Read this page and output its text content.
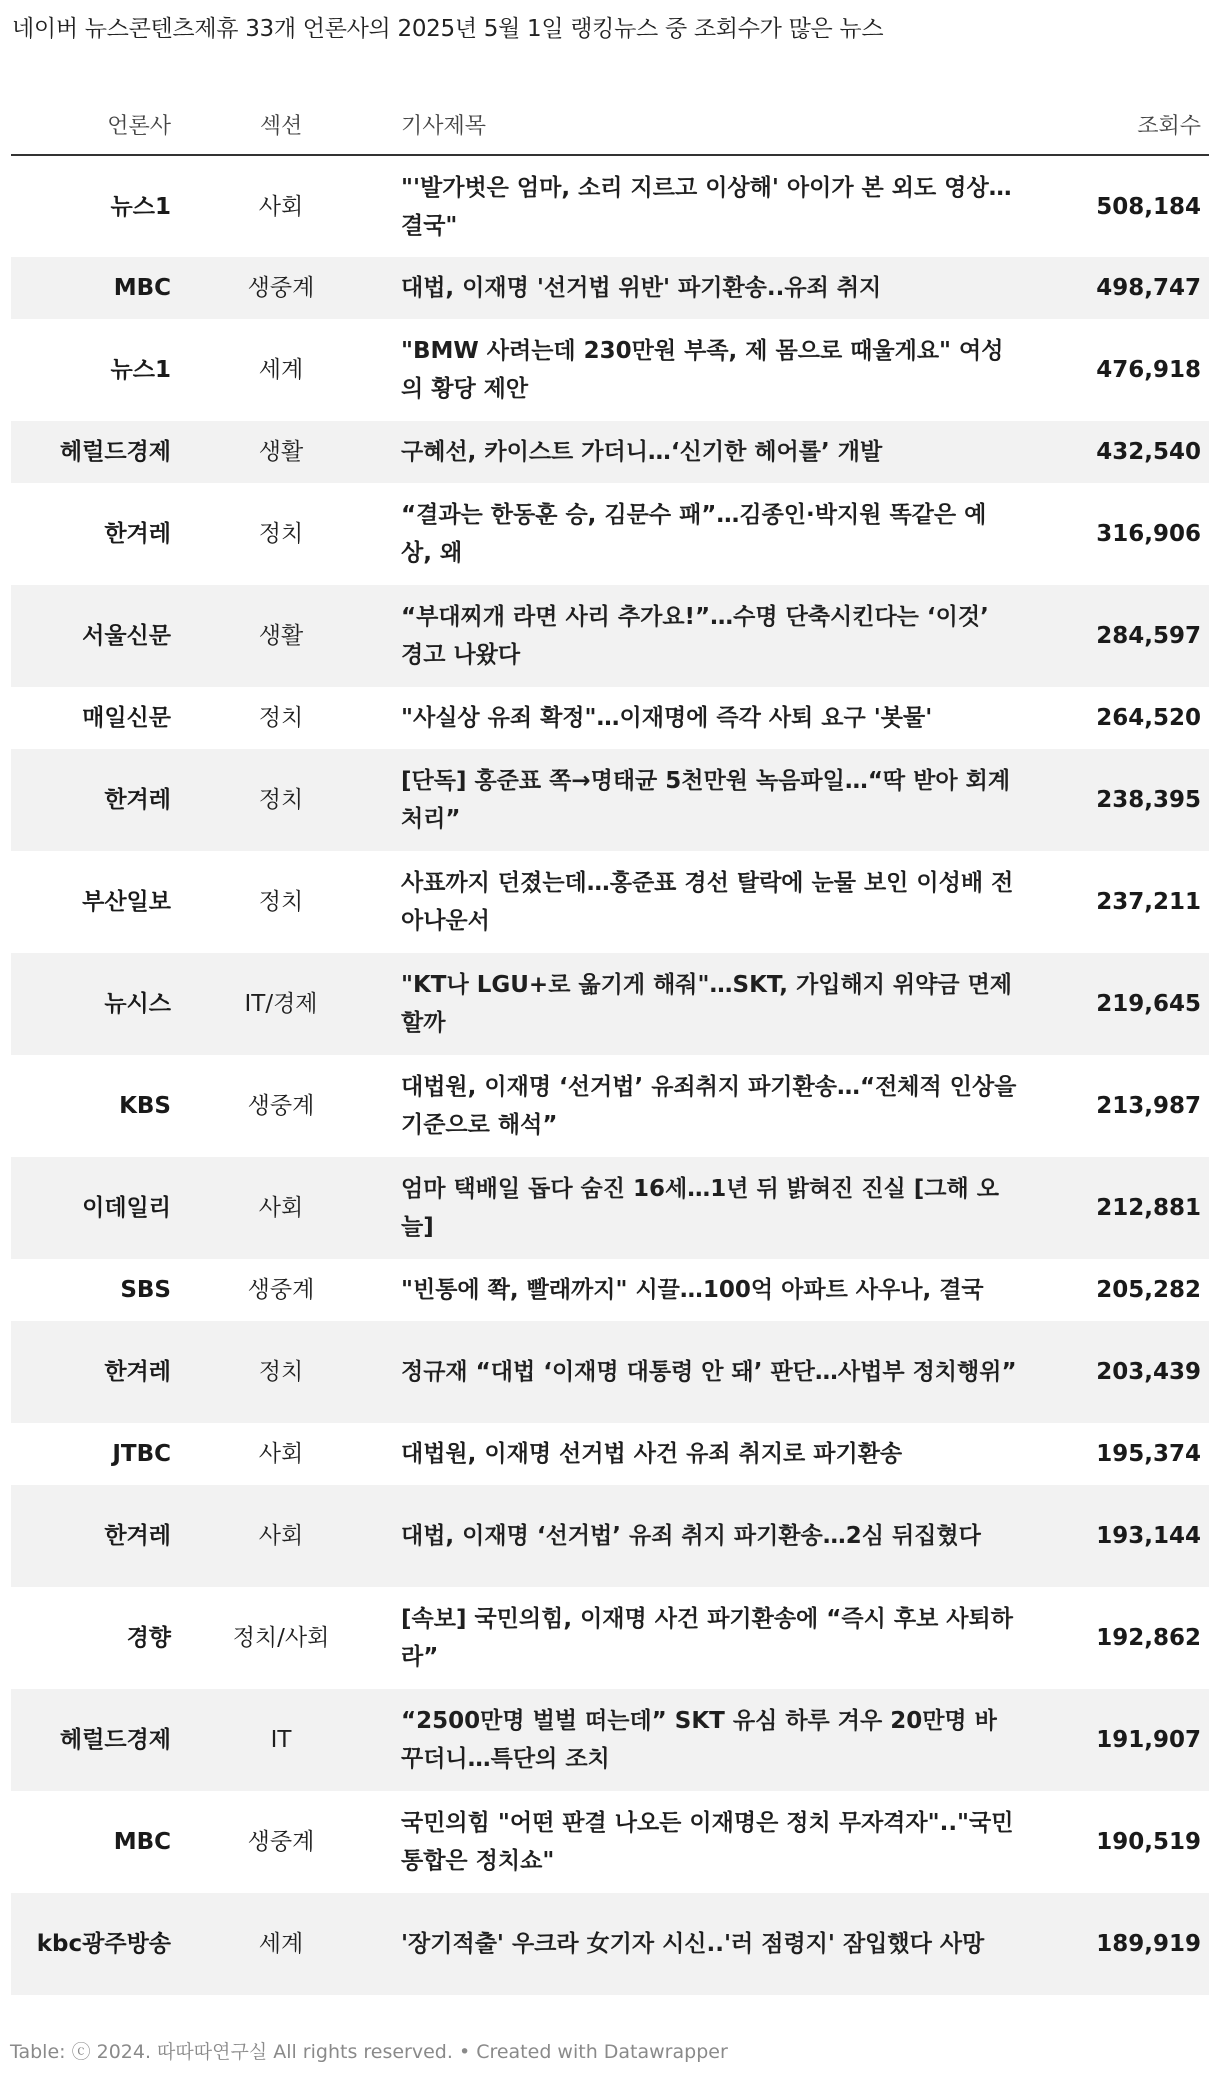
네이버 뉴스콘텐츠제휴 33개 언론사의 2025년 5월 1일 랭킹뉴스 중 조회수가 많은 뉴스
언론사	섹션	기사제목	조회수
뉴스1	사회	"'발가벗은 엄마, 소리 지르고 이상해' 아이가 본 외도 영상…결국"	508,184
MBC	생중계	대법, 이재명 '선거법 위반' 파기환송..유죄 취지	498,747
뉴스1	세계	"BMW 사려는데 230만원 부족, 제 몸으로 때울게요" 여성의 황당 제안	476,918
헤럴드경제	생활	구혜선, 카이스트 가더니…‘신기한 헤어롤’ 개발	432,540
한겨레	정치	“결과는 한동훈 승, 김문수 패”…김종인·박지원 똑같은 예상, 왜	316,906
서울신문	생활	“부대찌개 라면 사리 추가요!”…수명 단축시킨다는 ‘이것’ 경고 나왔다	284,597
매일신문	정치	"사실상 유죄 확정"…이재명에 즉각 사퇴 요구 '봇물'	264,520
한겨레	정치	[단독] 홍준표 쪽→명태균 5천만원 녹음파일…“딱 받아 회계처리”	238,395
부산일보	정치	사표까지 던졌는데…홍준표 경선 탈락에 눈물 보인 이성배 전 아나운서	237,211
뉴시스	IT/경제	"KT나 LGU+로 옮기게 해줘"…SKT, 가입해지 위약금 면제할까	219,645
KBS	생중계	대법원, 이재명 ‘선거법’ 유죄취지 파기환송…“전체적 인상을 기준으로 해석”	213,987
이데일리	사회	엄마 택배일 돕다 숨진 16세…1년 뒤 밝혀진 진실 [그해 오늘]	212,881
SBS	생중계	"빈통에 쫙, 빨래까지" 시끌…100억 아파트 사우나, 결국	205,282
한겨레	정치	정규재 “대법 ‘이재명 대통령 안 돼’ 판단…사법부 정치행위”	203,439
JTBC	사회	대법원, 이재명 선거법 사건 유죄 취지로 파기환송	195,374
한겨레	사회	대법, 이재명 ‘선거법’ 유죄 취지 파기환송…2심 뒤집혔다	193,144
경향	정치/사회	[속보] 국민의힘, 이재명 사건 파기환송에 “즉시 후보 사퇴하라”	192,862
헤럴드경제	IT	“2500만명 벌벌 떠는데” SKT 유심 하루 겨우 20만명 바꾸더니…특단의 조치	191,907
MBC	생중계	국민의힘 "어떤 판결 나오든 이재명은 정치 무자격자".."국민 통합은 정치쇼"	190,519
kbc광주방송	세계	'장기적출' 우크라 女기자 시신..'러 점령지' 잠입했다 사망	189,919
Table: ⓒ 2024. 따따따연구실 All rights reserved. • Created with Datawrapper
